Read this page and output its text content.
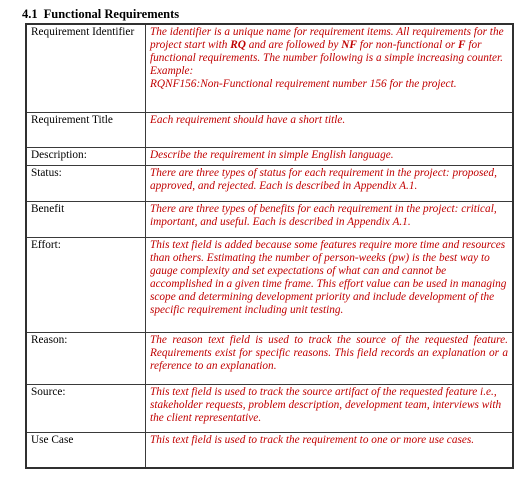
4.1 Functional Requirements
Requirement Identifier	The identifier is a unique name for requirement items. All requirements for the project start with RQ and are followed by NF for non-functional or F for functional requirements. The number following is a simple increasing counter. Example:
RQNF156:Non-Functional requirement number 156 for the project.

Requirement Title	Each requirement should have a short title.
Description:	Describe the requirement in simple English language.
Status:	There are three types of status for each requirement in the project: proposed, approved, and rejected. Each is described in Appendix A.1.
Benefit	There are three types of benefits for each requirement in the project: critical, important, and useful. Each is described in Appendix A.1.
Effort:	This text field is added because some features require more time and resources than others. Estimating the number of person-weeks (pw) is the best way to gauge complexity and set expectations of what can and cannot be accomplished in a given time frame. This effort value can be used in managing scope and determining development priority and include development of the specific requirement including unit testing.
Reason:	The reason text field is used to track the source of the requested feature. Requirements exist for specific reasons. This field records an explanation or a reference to an explanation.
Source:	This text field is used to track the source artifact of the requested feature i.e., stakeholder requests, problem description, development team, interviews with the client representative.
Use Case	This text field is used to track the requirement to one or more use cases.
